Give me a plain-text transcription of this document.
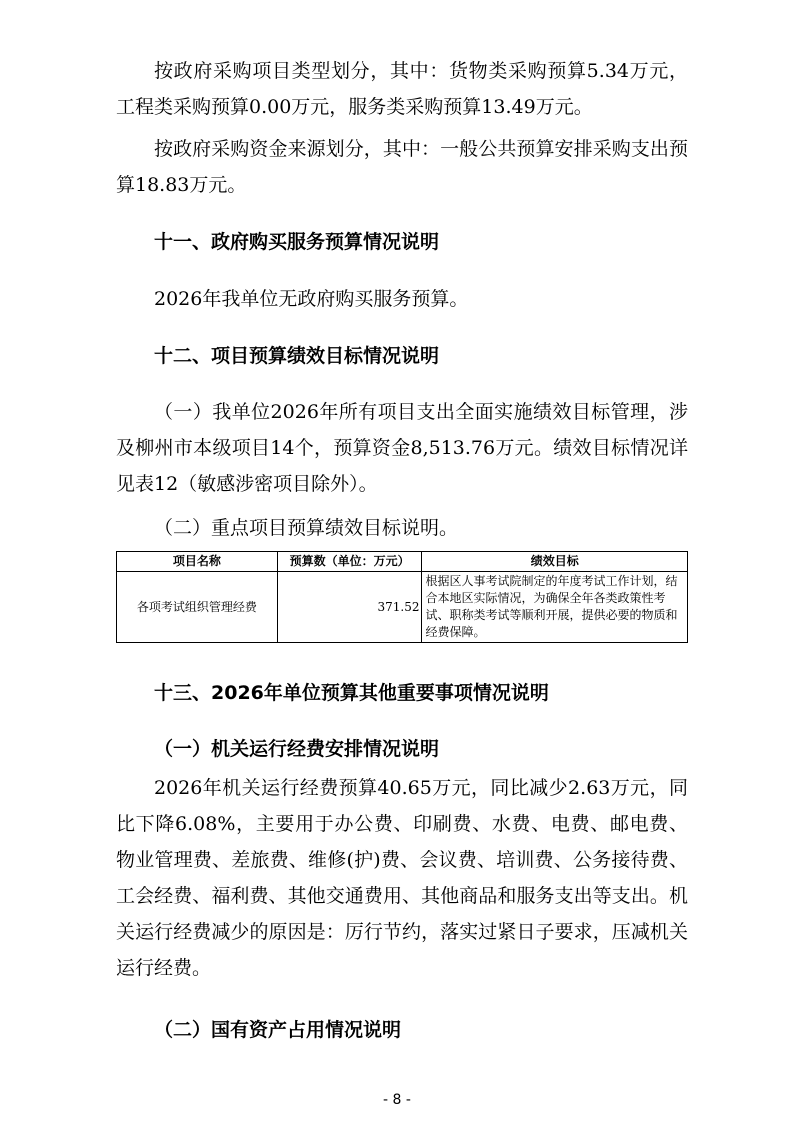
按政府采购项目类型划分，其中：货物类采购预算5.34万元，工程类采购预算0.00万元，服务类采购预算13.49万元。

按政府采购资金来源划分，其中：一般公共预算安排采购支出预算18.83万元。

十一、政府购买服务预算情况说明

2026年我单位无政府购买服务预算。

十二、项目预算绩效目标情况说明

（一）我单位2026年所有项目支出全面实施绩效目标管理，涉及柳州市本级项目14个，预算资金8,513.76万元。绩效目标情况详见表12（敏感涉密项目除外）。

（二）重点项目预算绩效目标说明。

项目名称	预算数（单位：万元）	绩效目标
各项考试组织管理经费	371.52	根据区人事考试院制定的年度考试工作计划，结合本地区实际情况，为确保全年各类政策性考试、职称类考试等顺利开展，提供必要的物质和经费保障。

十三、2026年单位预算其他重要事项情况说明

（一）机关运行经费安排情况说明

2026年机关运行经费预算40.65万元，同比减少2.63万元，同比下降6.08%，主要用于办公费、印刷费、水费、电费、邮电费、物业管理费、差旅费、维修(护)费、会议费、培训费、公务接待费、工会经费、福利费、其他交通费用、其他商品和服务支出等支出。机关运行经费减少的原因是：厉行节约，落实过紧日子要求，压减机关运行经费。

（二）国有资产占用情况说明

- 8 -
